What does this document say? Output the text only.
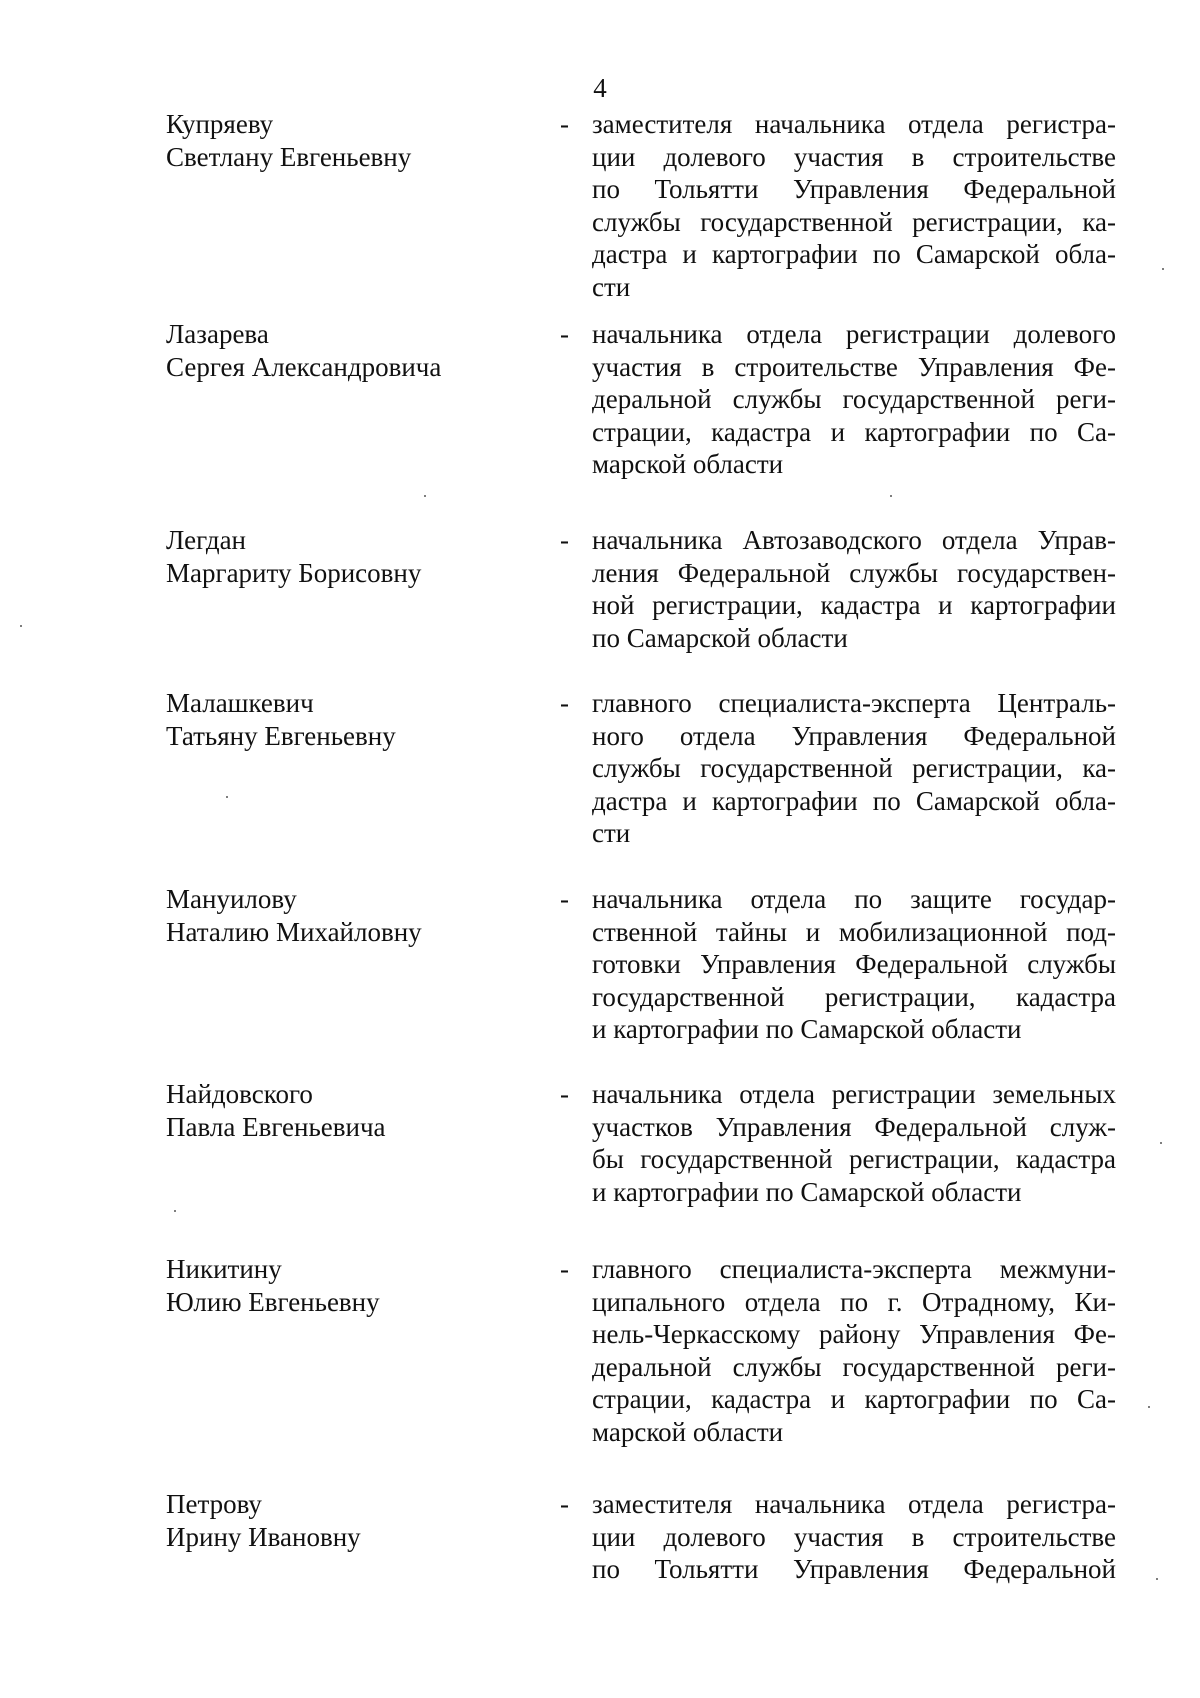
4
Купряеву
Светлану Евгеньевну
- заместителя начальника отдела регистра-
ции долевого участия в строительстве
по Тольятти Управления Федеральной
службы государственной регистрации, ка-
дастра и картографии по Самарской обла-
сти
Лазарева
Сергея Александровича
- начальника отдела регистрации долевого
участия в строительстве Управления Фе-
деральной службы государственной реги-
страции, кадастра и картографии по Са-
марской области
Легдан
Маргариту Борисовну
- начальника Автозаводского отдела Управ-
ления Федеральной службы государствен-
ной регистрации, кадастра и картографии
по Самарской области
Малашкевич
Татьяну Евгеньевну
- главного специалиста-эксперта Централь-
ного отдела Управления Федеральной
службы государственной регистрации, ка-
дастра и картографии по Самарской обла-
сти
Мануилову
Наталию Михайловну
- начальника отдела по защите государ-
ственной тайны и мобилизационной под-
готовки Управления Федеральной службы
государственной регистрации, кадастра
и картографии по Самарской области
Найдовского
Павла Евгеньевича
- начальника отдела регистрации земельных
участков Управления Федеральной служ-
бы государственной регистрации, кадастра
и картографии по Самарской области
Никитину
Юлию Евгеньевну
- главного специалиста-эксперта межмуни-
ципального отдела по г. Отрадному, Ки-
нель-Черкасскому району Управления Фе-
деральной службы государственной реги-
страции, кадастра и картографии по Са-
марской области
Петрову
Ирину Ивановну
- заместителя начальника отдела регистра-
ции долевого участия в строительстве
по Тольятти Управления Федеральной
